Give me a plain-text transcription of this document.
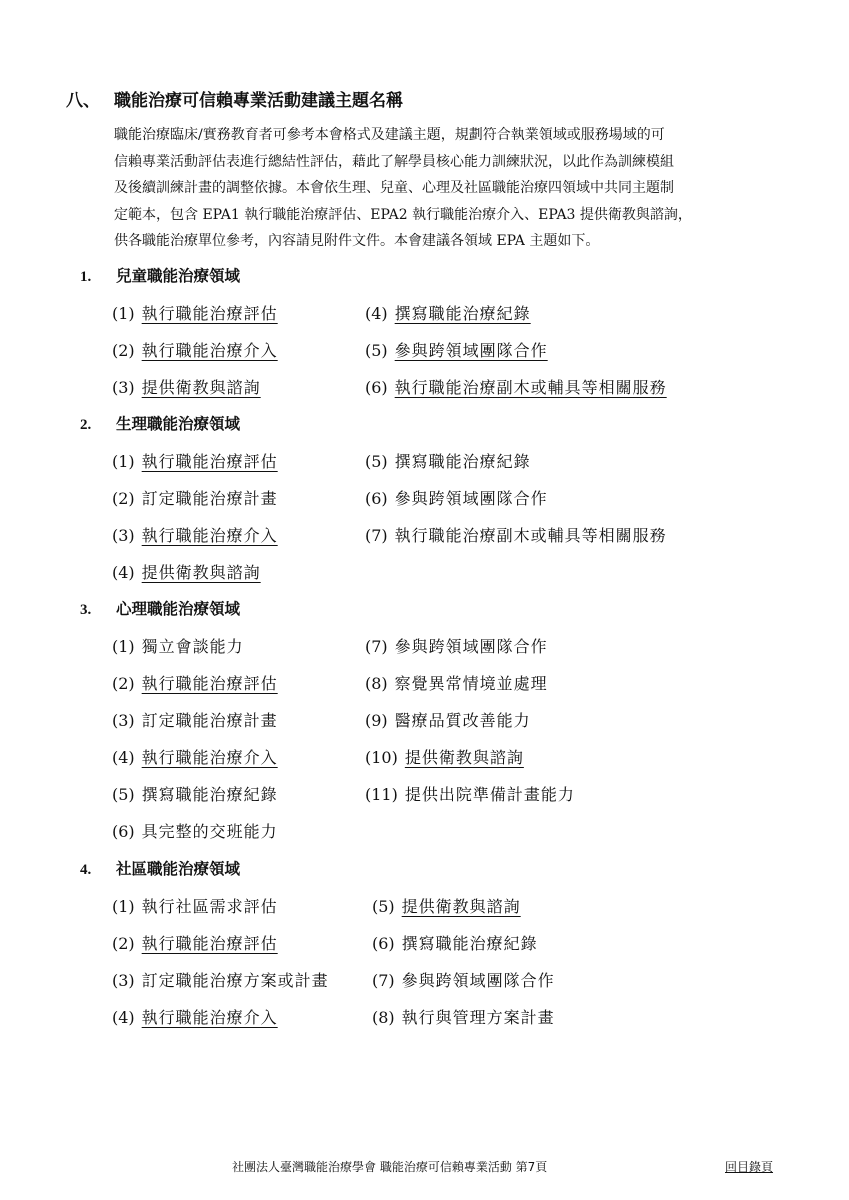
八、 職能治療可信賴專業活動建議主題名稱
職能治療臨床/實務教育者可參考本會格式及建議主題，規劃符合執業領域或服務場域的可
信賴專業活動評估表進行總結性評估，藉此了解學員核心能力訓練狀況，以此作為訓練模組
及後續訓練計畫的調整依據。本會依生理、兒童、心理及社區職能治療四領域中共同主題制
定範本，包含 EPA1 執行職能治療評估、EPA2 執行職能治療介入、EPA3 提供衛教與諮詢，
供各職能治療單位參考，內容請見附件文件。本會建議各領域 EPA 主題如下。
1. 兒童職能治療領域
(1) 執行職能治療評估
(2) 執行職能治療介入
(3) 提供衛教與諮詢
(4) 撰寫職能治療紀錄
(5) 參與跨領域團隊合作
(6) 執行職能治療副木或輔具等相關服務
2. 生理職能治療領域
(1) 執行職能治療評估
(2) 訂定職能治療計畫
(3) 執行職能治療介入
(4) 提供衛教與諮詢
(5) 撰寫職能治療紀錄
(6) 參與跨領域團隊合作
(7) 執行職能治療副木或輔具等相關服務
3. 心理職能治療領域
(1) 獨立會談能力
(2) 執行職能治療評估
(3) 訂定職能治療計畫
(4) 執行職能治療介入
(5) 撰寫職能治療紀錄
(6) 具完整的交班能力
(7) 參與跨領域團隊合作
(8) 察覺異常情境並處理
(9) 醫療品質改善能力
(10) 提供衛教與諮詢
(11) 提供出院準備計畫能力
4. 社區職能治療領域
(1) 執行社區需求評估
(2) 執行職能治療評估
(3) 訂定職能治療方案或計畫
(4) 執行職能治療介入
(5) 提供衛教與諮詢
(6) 撰寫職能治療紀錄
(7) 參與跨領域團隊合作
(8) 執行與管理方案計畫
社團法人臺灣職能治療學會 職能治療可信賴專業活動 第7頁	回目錄頁
